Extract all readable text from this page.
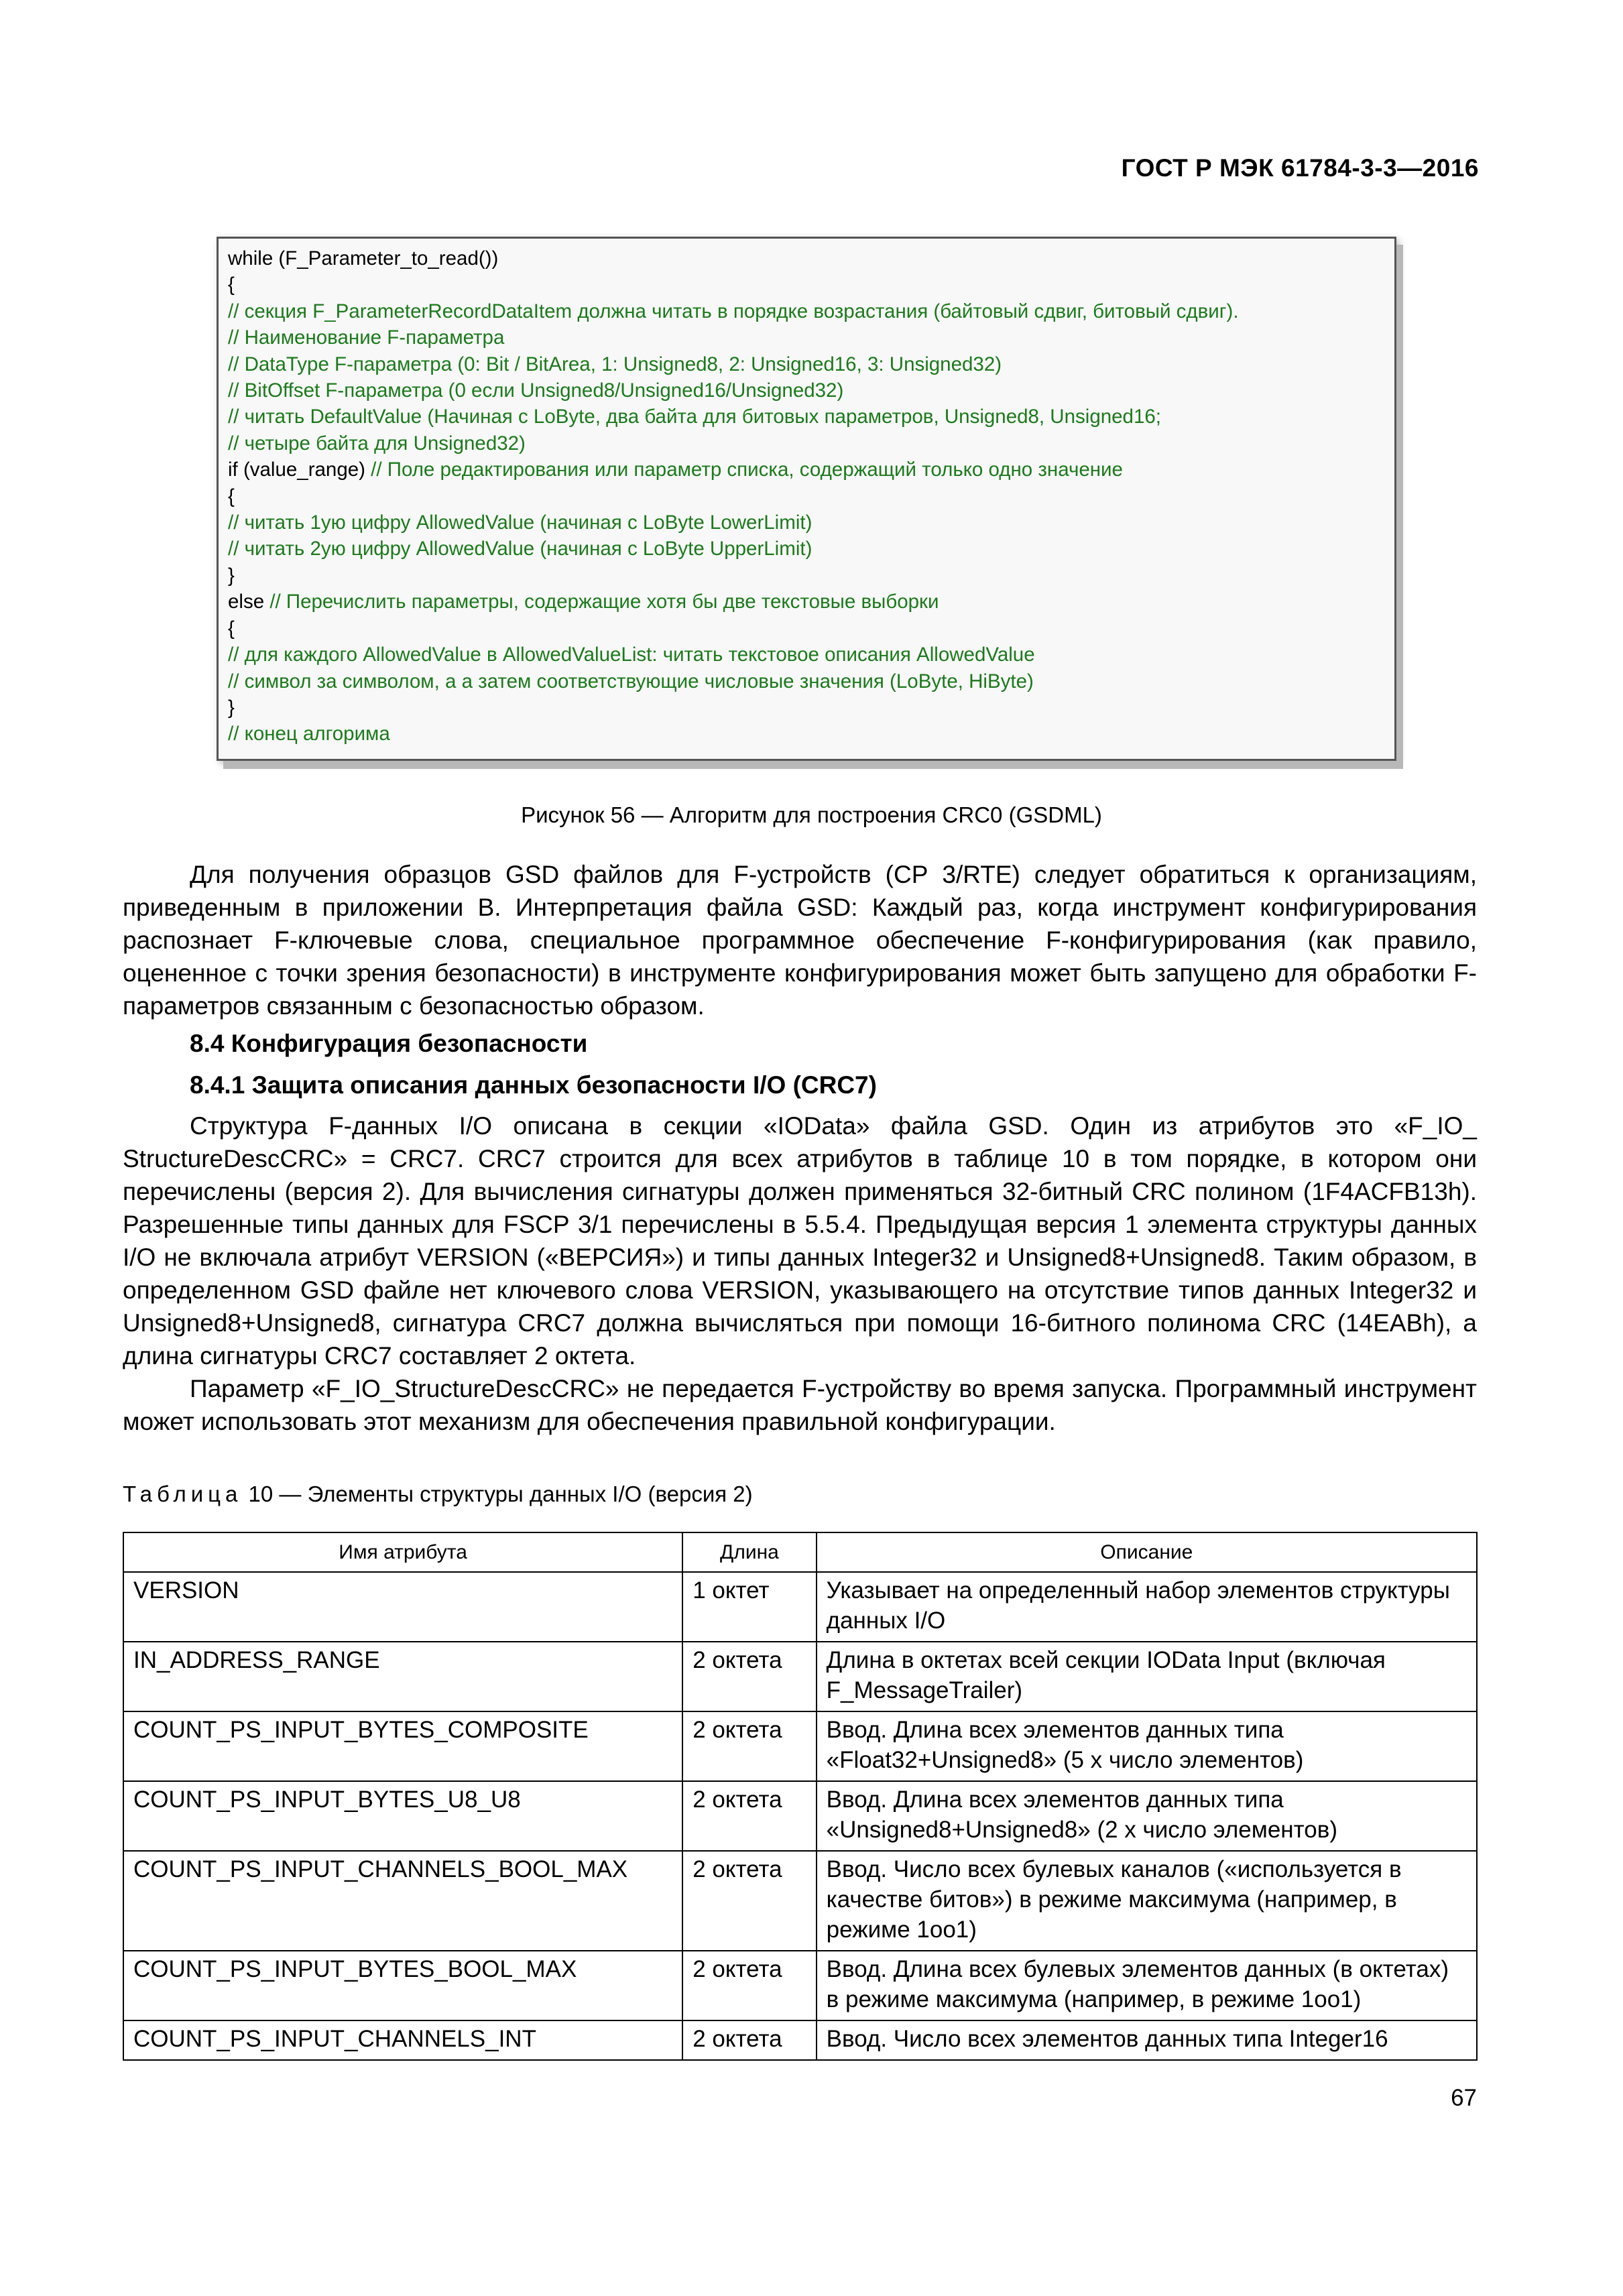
ГОСТ Р МЭК 61784-3-3—2016
while (F_Parameter_to_read())
{
// секция F_ParameterRecordDataItem должна читать в порядке возрастания (байтовый сдвиг, битовый сдвиг).
// Наименование F-параметра
// DataType F-параметра (0: Bit / BitArea, 1: Unsigned8, 2: Unsigned16, 3: Unsigned32)
// BitOffset F-параметра (0 если Unsigned8/Unsigned16/Unsigned32)
// читать DefaultValue (Начиная с LoByte, два байта для битовых параметров, Unsigned8, Unsigned16;
// четыре байта для Unsigned32)
if (value_range) // Поле редактирования или параметр списка, содержащий только одно значение
{
// читать 1ую цифру AllowedValue (начиная с LoByte LowerLimit)
// читать 2ую цифру AllowedValue (начиная с LoByte UpperLimit)
}
else // Перечислить параметры, содержащие хотя бы две текстовые выборки
{
// для каждого AllowedValue в AllowedValueList: читать текстовое описания AllowedValue
// символ за символом, а а затем соответствующие числовые значения (LoByte, HiByte)
}
// конец алгорима
Рисунок 56 — Алгоритм для построения CRC0 (GSDML)

Для получения образцов GSD файлов для F-устройств (СР 3/RTE) следует обратиться к организациям, приведенным в приложении В. Интерпретация файла GSD: Каждый раз, когда инструмент конфигурирования распознает F-ключевые слова, специальное программное обеспечение F-конфигурирования (как правило, оцененное с точки зрения безопасности) в инструменте конфигурирования может быть запущено для обработки F-параметров связанным с безопасностью образом.

8.4 Конфигурация безопасности
8.4.1 Защита описания данных безопасности I/O (CRC7)

Структура F-данных I/O описана в секции «IOData» файла GSD. Один из атрибутов это «F_IO_ StructureDescCRC» = CRC7. CRC7 строится для всех атрибутов в таблице 10 в том порядке, в котором они перечислены (версия 2). Для вычисления сигнатуры должен применяться 32-битный CRC полином (1F4ACFB13h). Разрешенные типы данных для FSCP 3/1 перечислены в 5.5.4. Предыдущая версия 1 элемента структуры данных I/O не включала атрибут VERSION («ВЕРСИЯ») и типы данных Integer32 и Unsigned8+Unsigned8. Таким образом, в определенном GSD файле нет ключевого слова VERSION, указывающего на отсутствие типов данных Integer32 и Unsigned8+Unsigned8, сигнатура CRC7 должна вычисляться при помощи 16-битного полинома CRC (14EABh), а длина сигнатуры CRC7 составляет 2 октета.

Параметр «F_IO_StructureDescCRC» не передается F-устройству во время запуска. Программный инструмент может использовать этот механизм для обеспечения правильной конфигурации.

Таблица 10 — Элементы структуры данных I/O (версия 2)
Имя атрибута	Длина	Описание
VERSION	1 октет	Указывает на определенный набор элементов структуры данных I/O
IN_ADDRESS_RANGE	2 октета	Длина в октетах всей секции IOData Input (включая F_MessageTrailer)
COUNT_PS_INPUT_BYTES_COMPOSITE	2 октета	Ввод. Длина всех элементов данных типа «Float32+Unsigned8» (5 x число элементов)
COUNT_PS_INPUT_BYTES_U8_U8	2 октета	Ввод. Длина всех элементов данных типа «Unsigned8+Unsigned8» (2 x число элементов)
COUNT_PS_INPUT_CHANNELS_BOOL_MAX	2 октета	Ввод. Число всех булевых каналов («используется в качестве битов») в режиме максимума (например, в режиме 1oo1)
COUNT_PS_INPUT_BYTES_BOOL_MAX	2 октета	Ввод. Длина всех булевых элементов данных (в октетах) в режиме максимума (например, в режиме 1oo1)
COUNT_PS_INPUT_CHANNELS_INT	2 октета	Ввод. Число всех элементов данных типа Integer16
67
